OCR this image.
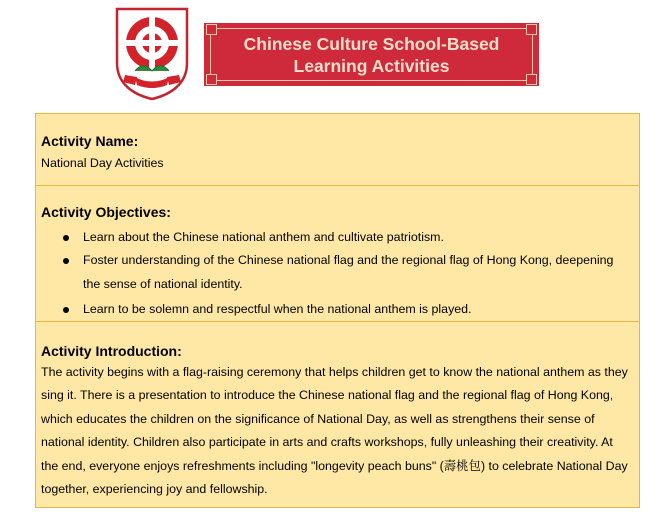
Chinese Culture School-Based
Learning Activities
Activity Name:
National Day Activities
Activity Objectives:
Learn about the Chinese national anthem and cultivate patriotism.
Foster understanding of the Chinese national flag and the regional flag of Hong Kong, deepening the sense of national identity.
Learn to be solemn and respectful when the national anthem is played.
Activity Introduction:
The activity begins with a flag-raising ceremony that helps children get to know the national anthem as they sing it. There is a presentation to introduce the Chinese national flag and the regional flag of Hong Kong, which educates the children on the significance of National Day, as well as strengthens their sense of national identity. Children also participate in arts and crafts workshops, fully unleashing their creativity. At the end, everyone enjoys refreshments including "longevity peach buns" (壽桃包) to celebrate National Day together, experiencing joy and fellowship.
